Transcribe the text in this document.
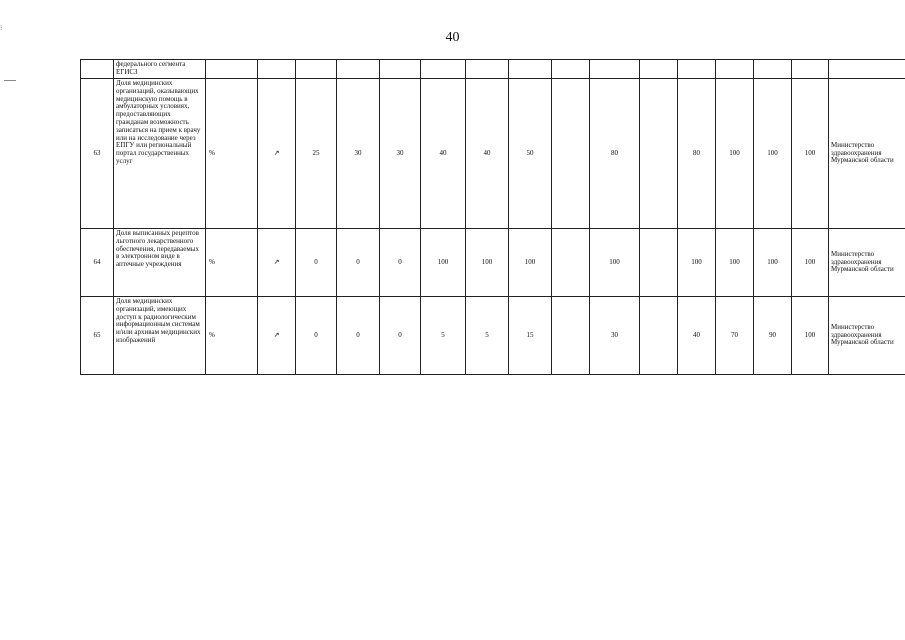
40
⁝
	федерального сегмента ЕГИСЗ																
63	Доля медицинских организаций, оказывающих медицинскую помощь в амбулаторных условиях, предоставляющих гражданам возможность записаться на прием к врачу или на исследование через ЕПГУ или региональный портал государственных услуг	%	↗	25	30	30	40	40	50		80		80	100	100	100	Министерство здравоохранения Мурманской области
64	Доля выписанных рецептов льготного лекарственного обеспечения, передаваемых в электронном виде в аптечные учреждения	%	↗	0	0	0	100	100	100		100		100	100	100	100	Министерство здравоохранения Мурманской области
65	Доля медицинских организаций, имеющих доступ к радиологическим информационным системам и/или архивам медицинских изображений	%	↗	0	0	0	5	5	15		30		40	70	90	100	Министерство здравоохранения Мурманской области
